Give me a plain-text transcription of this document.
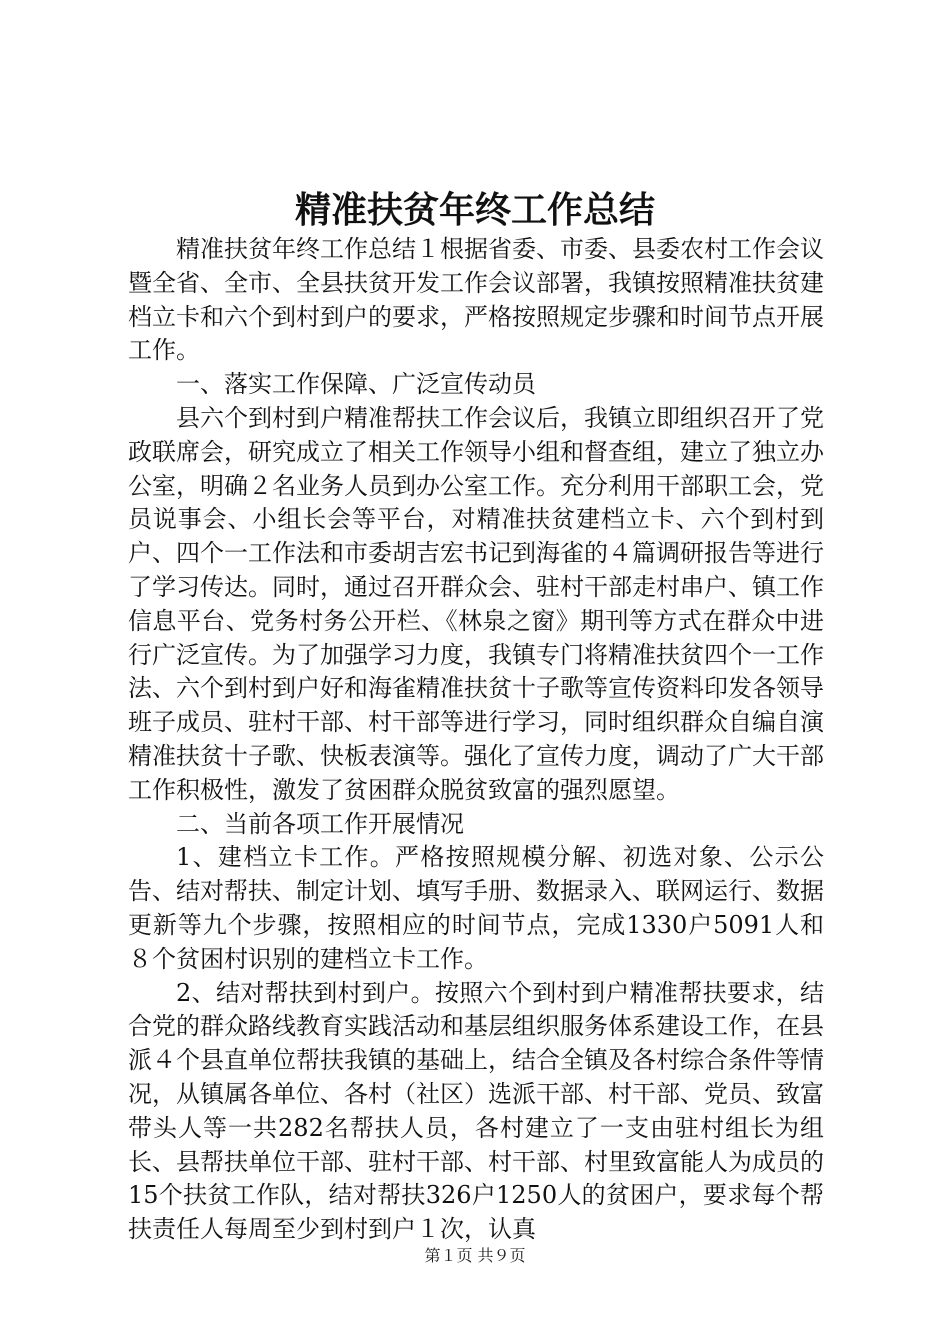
精准扶贫年终工作总结

精准扶贫年终工作总结１根据省委、市委、县委农村工作会议暨全省、全市、全县扶贫开发工作会议部署，我镇按照精准扶贫建档立卡和六个到村到户的要求，严格按照规定步骤和时间节点开展工作。

一、落实工作保障、广泛宣传动员

县六个到村到户精准帮扶工作会议后，我镇立即组织召开了党政联席会，研究成立了相关工作领导小组和督查组，建立了独立办公室，明确２名业务人员到办公室工作。充分利用干部职工会，党员说事会、小组长会等平台，对精准扶贫建档立卡、六个到村到户、四个一工作法和市委胡吉宏书记到海雀的４篇调研报告等进行了学习传达。同时，通过召开群众会、驻村干部走村串户、镇工作信息平台、党务村务公开栏、《林泉之窗》期刊等方式在群众中进行广泛宣传。为了加强学习力度，我镇专门将精准扶贫四个一工作法、六个到村到户好和海雀精准扶贫十子歌等宣传资料印发各领导班子成员、驻村干部、村干部等进行学习，同时组织群众自编自演精准扶贫十子歌、快板表演等。强化了宣传力度，调动了广大干部工作积极性，激发了贫困群众脱贫致富的强烈愿望。

二、当前各项工作开展情况

1、建档立卡工作。严格按照规模分解、初选对象、公示公告、结对帮扶、制定计划、填写手册、数据录入、联网运行、数据更新等九个步骤，按照相应的时间节点，完成1330户5091人和８个贫困村识别的建档立卡工作。

2、结对帮扶到村到户。按照六个到村到户精准帮扶要求，结合党的群众路线教育实践活动和基层组织服务体系建设工作，在县派４个县直单位帮扶我镇的基础上，结合全镇及各村综合条件等情况，从镇属各单位、各村（社区）选派干部、村干部、党员、致富带头人等一共282名帮扶人员，各村建立了一支由驻村组长为组长、县帮扶单位干部、驻村干部、村干部、村里致富能人为成员的15个扶贫工作队，结对帮扶326户1250人的贫困户，要求每个帮扶责任人每周至少到村到户１次，认真

第１页 共９页
